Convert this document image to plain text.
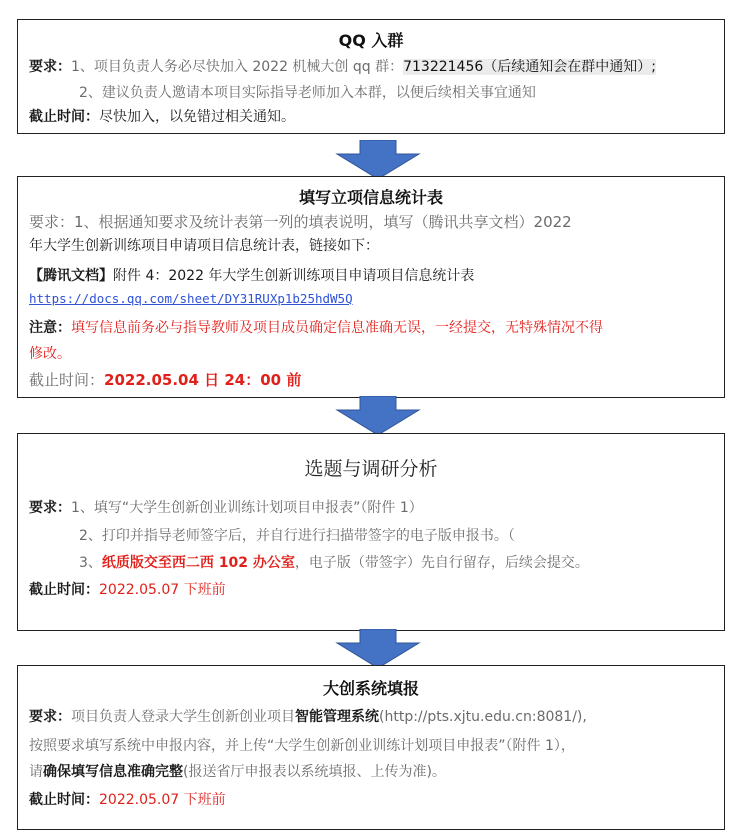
QQ 入群
要求：1、项目负责人务必尽快加入 2022 机械大创 qq 群：713221456（后续通知会在群中通知）;
2、建议负责人邀请本项目实际指导老师加入本群，以便后续相关事宜通知
截止时间：尽快加入，以免错过相关通知。
填写立项信息统计表
要求：1、根据通知要求及统计表第一列的填表说明，填写（腾讯共享文档）2022
年大学生创新训练项目申请项目信息统计表，链接如下：
【腾讯文档】附件 4：2022 年大学生创新训练项目申请项目信息统计表
https://docs.qq.com/sheet/DY31RUXp1b25hdW5Q
注意：填写信息前务必与指导教师及项目成员确定信息准确无误，一经提交，无特殊情况不得
修改。
截止时间：2022.05.04 日 24：00 前
选题与调研分析
要求：1、填写“大学生创新创业训练计划项目申报表”（附件 1）
2、打印并指导老师签字后，并自行进行扫描带签字的电子版申报书。（
3、纸质版交至西二西 102 办公室，电子版（带签字）先自行留存，后续会提交。
截止时间：2022.05.07 下班前
大创系统填报
要求：项目负责人登录大学生创新创业项目智能管理系统(http://pts.xjtu.edu.cn:8081/),
按照要求填写系统中申报内容，并上传“大学生创新创业训练计划项目申报表”（附件 1），
请确保填写信息准确完整(报送省厅申报表以系统填报、上传为准)。
截止时间：2022.05.07 下班前
